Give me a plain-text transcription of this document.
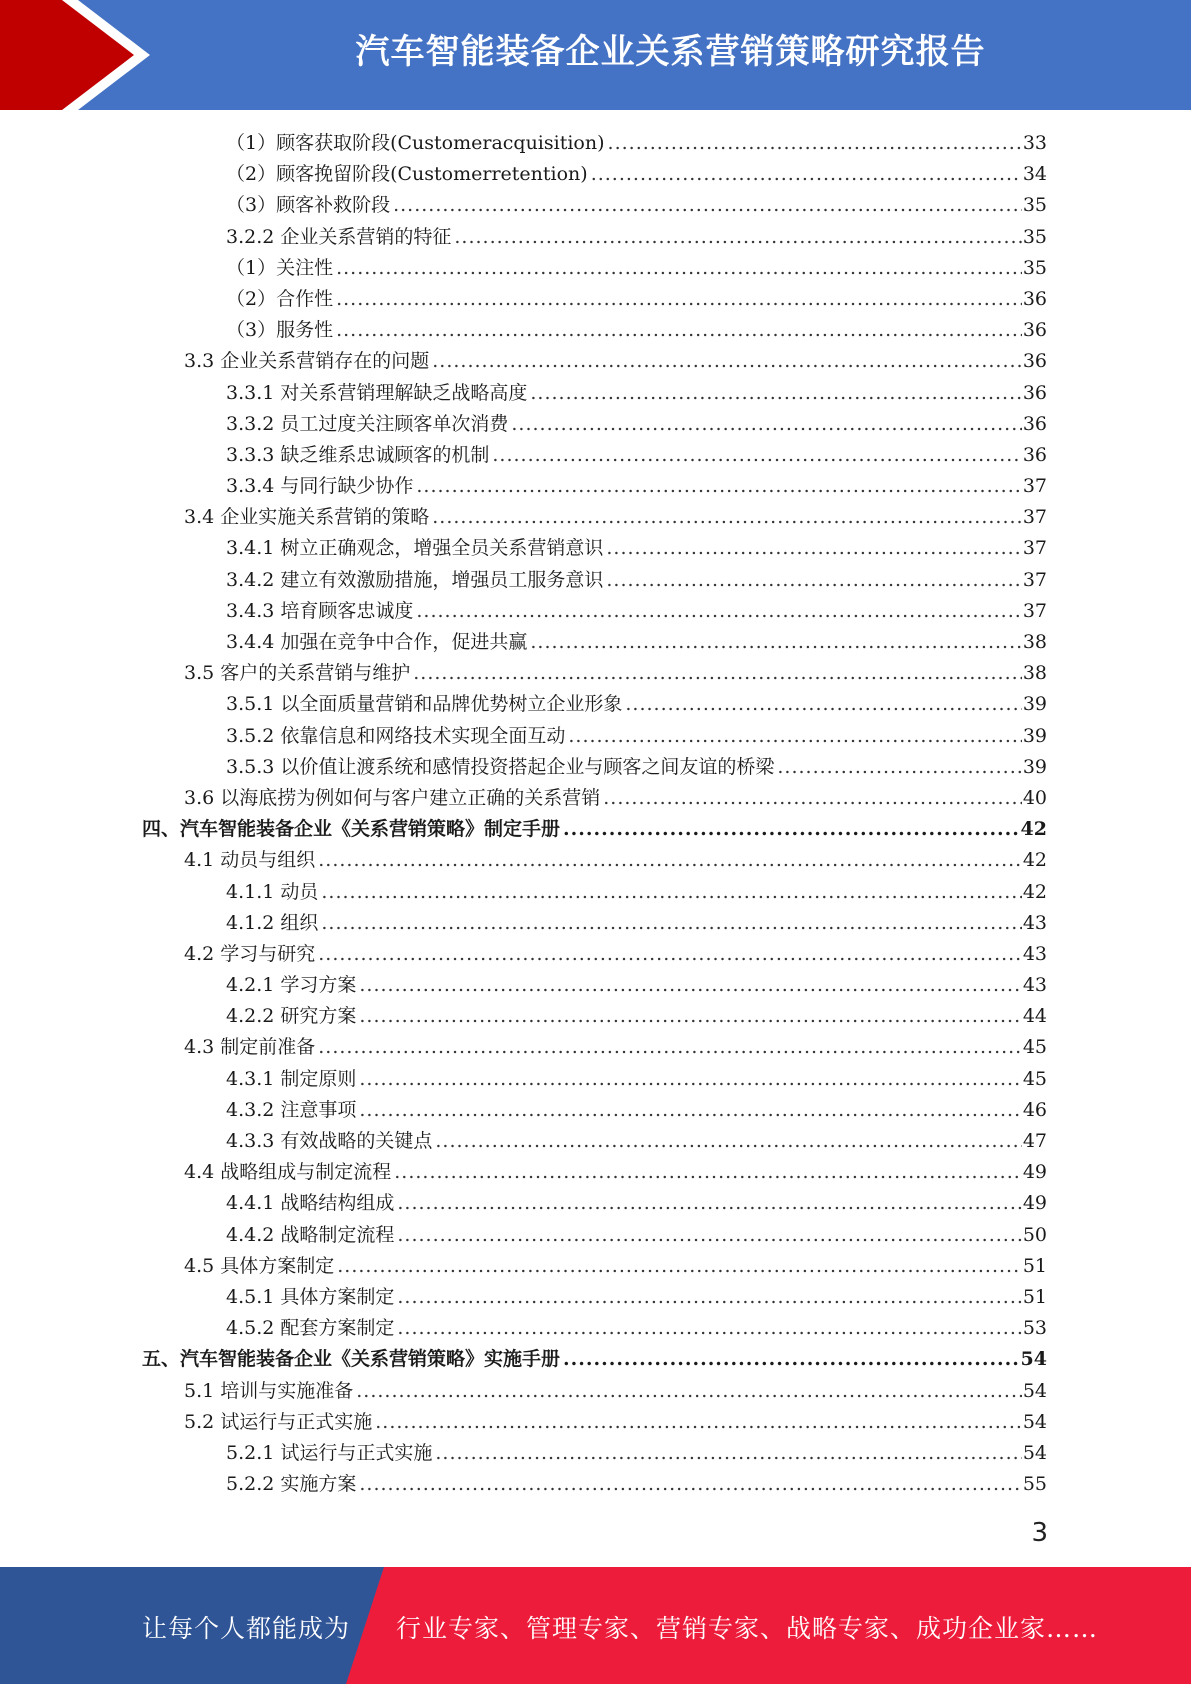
汽车智能装备企业关系营销策略研究报告
（1）顾客获取阶段(Customeracquisition) .....	33
（2）顾客挽留阶段(Customerretention) .....	34
（3）顾客补救阶段 .....	35
3.2.2 企业关系营销的特征 .....	35
（1）关注性 .....	35
（2）合作性 .....	36
（3）服务性 .....	36
3.3 企业关系营销存在的问题 .....	36
3.3.1 对关系营销理解缺乏战略高度 .....	36
3.3.2 员工过度关注顾客单次消费 .....	36
3.3.3 缺乏维系忠诚顾客的机制 .....	36
3.3.4 与同行缺少协作 .....	37
3.4 企业实施关系营销的策略 .....	37
3.4.1 树立正确观念，增强全员关系营销意识 .....	37
3.4.2 建立有效激励措施，增强员工服务意识 .....	37
3.4.3 培育顾客忠诚度 .....	37
3.4.4 加强在竞争中合作，促进共赢 .....	38
3.5 客户的关系营销与维护 .....	38
3.5.1 以全面质量营销和品牌优势树立企业形象 .....	39
3.5.2 依靠信息和网络技术实现全面互动 .....	39
3.5.3 以价值让渡系统和感情投资搭起企业与顾客之间友谊的桥梁 .....	39
3.6 以海底捞为例如何与客户建立正确的关系营销 .....	40
四、汽车智能装备企业《关系营销策略》制定手册 .....	42
4.1 动员与组织 .....	42
4.1.1 动员 .....	42
4.1.2 组织 .....	43
4.2 学习与研究 .....	43
4.2.1 学习方案 .....	43
4.2.2 研究方案 .....	44
4.3 制定前准备 .....	45
4.3.1 制定原则 .....	45
4.3.2 注意事项 .....	46
4.3.3 有效战略的关键点 .....	47
4.4 战略组成与制定流程 .....	49
4.4.1 战略结构组成 .....	49
4.4.2 战略制定流程 .....	50
4.5 具体方案制定 .....	51
4.5.1 具体方案制定 .....	51
4.5.2 配套方案制定 .....	53
五、汽车智能装备企业《关系营销策略》实施手册 .....	54
5.1 培训与实施准备 .....	54
5.2 试运行与正式实施 .....	54
5.2.1 试运行与正式实施 .....	54
5.2.2 实施方案 .....	55
3
让每个人都能成为 行业专家、管理专家、营销专家、战略专家、成功企业家……
